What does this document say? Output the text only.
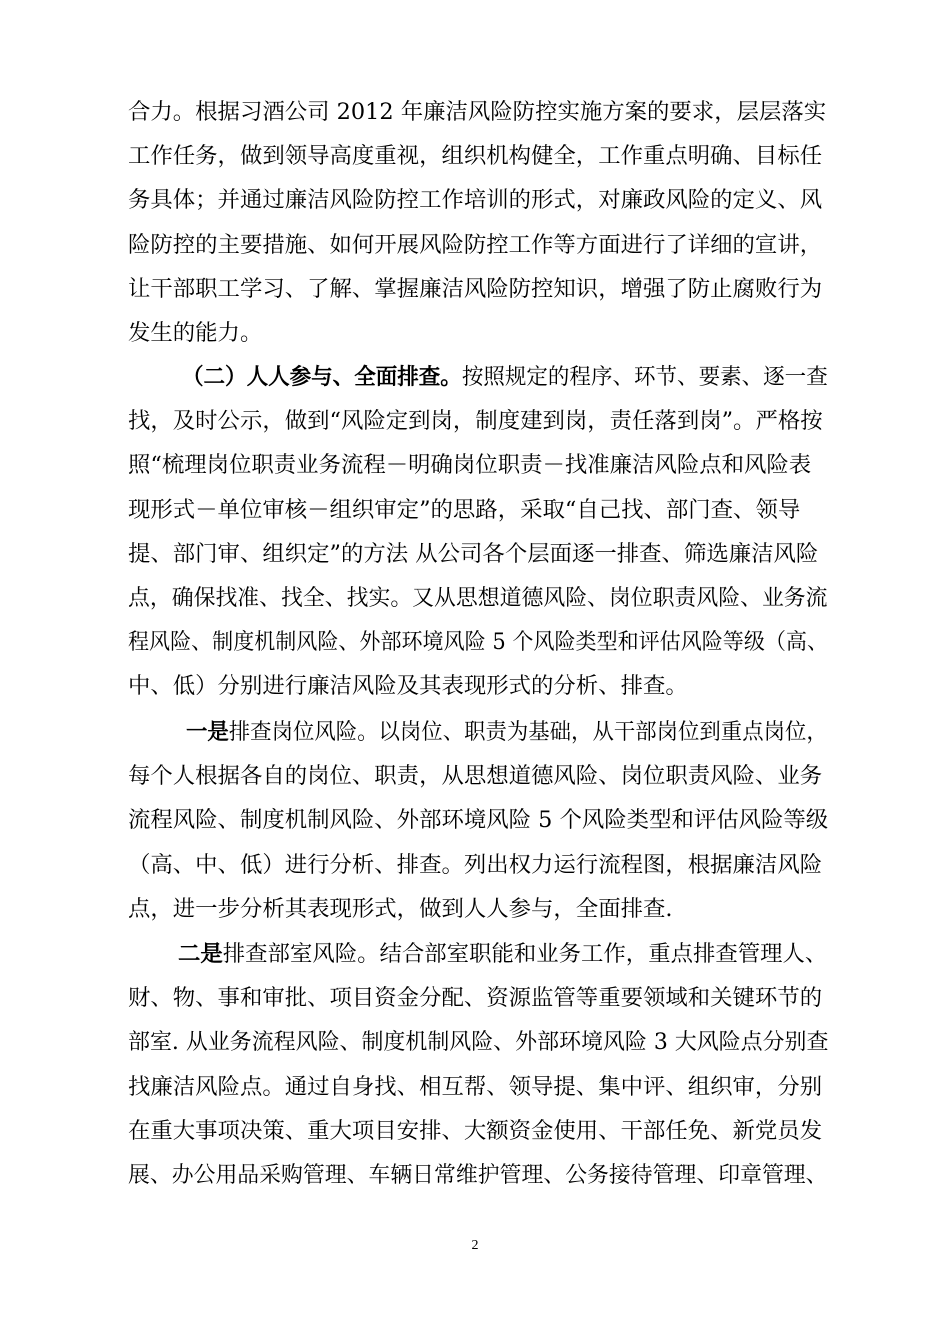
合力。根据习酒公司 2012 年廉洁风险防控实施方案的要求，层层落实
工作任务，做到领导高度重视，组织机构健全，工作重点明确、目标任
务具体；并通过廉洁风险防控工作培训的形式，对廉政风险的定义、风
险防控的主要措施、如何开展风险防控工作等方面进行了详细的宣讲，
让干部职工学习、了解、掌握廉洁风险防控知识，增强了防止腐败行为
发生的能力。
（二）人人参与、全面排查。按照规定的程序、环节、要素、逐一查
找，及时公示，做到“风险定到岗，制度建到岗，责任落到岗”。严格按
照“梳理岗位职责业务流程－明确岗位职责－找准廉洁风险点和风险表
现形式－单位审核－组织审定”的思路，采取“自己找、部门查、领导
提、部门审、组织定”的方法 从公司各个层面逐一排查、筛选廉洁风险
点，确保找准、找全、找实。又从思想道德风险、岗位职责风险、业务流
程风险、制度机制风险、外部环境风险 5 个风险类型和评估风险等级（高、
中、低）分别进行廉洁风险及其表现形式的分析、排查。
一是排查岗位风险。以岗位、职责为基础，从干部岗位到重点岗位，
每个人根据各自的岗位、职责，从思想道德风险、岗位职责风险、业务
流程风险、制度机制风险、外部环境风险 5 个风险类型和评估风险等级
（高、中、低）进行分析、排查。列出权力运行流程图，根据廉洁风险
点，进一步分析其表现形式，做到人人参与，全面排查.
二是排查部室风险。结合部室职能和业务工作，重点排查管理人、
财、物、事和审批、项目资金分配、资源监管等重要领域和关键环节的
部室. 从业务流程风险、制度机制风险、外部环境风险 3 大风险点分别查
找廉洁风险点。通过自身找、相互帮、领导提、集中评、组织审，分别
在重大事项决策、重大项目安排、大额资金使用、干部任免、新党员发
展、办公用品采购管理、车辆日常维护管理、公务接待管理、印章管理、
2
